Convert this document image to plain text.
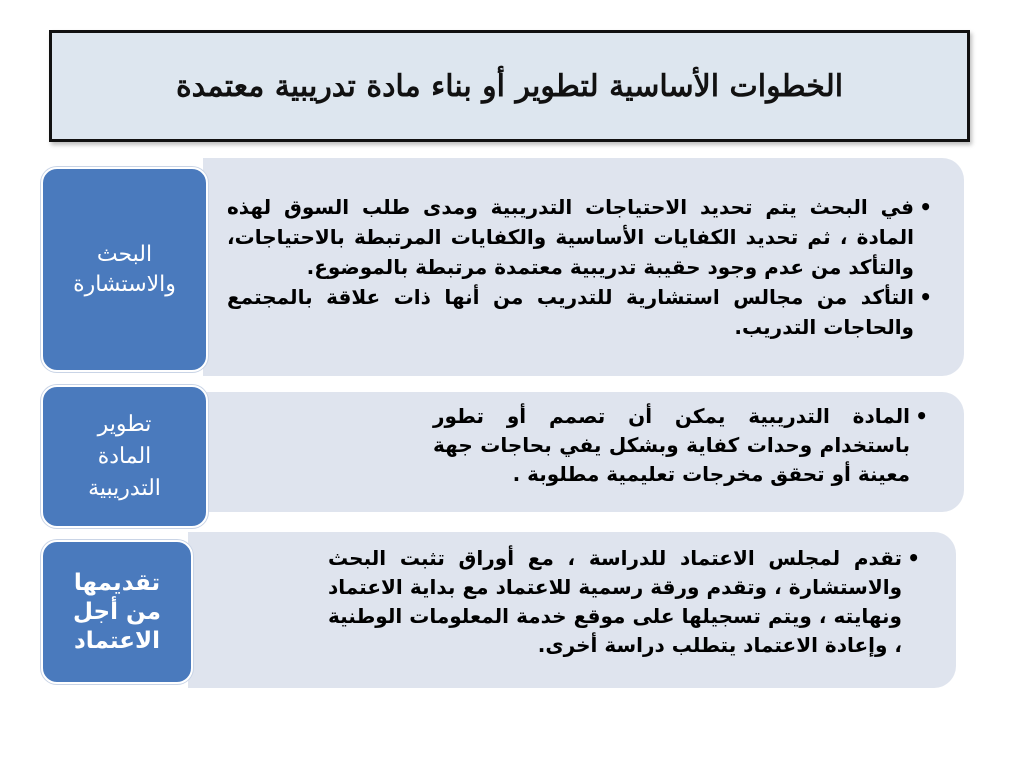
الخطوات الأساسية لتطوير أو بناء مادة تدريبية معتمدة
• في البحث يتم تحديد الاحتياجات التدريبية ومدى طلب السوق لهذه المادة ، ثم تحديد الكفايات الأساسية والكفايات المرتبطة بالاحتياجات، والتأكد من عدم وجود حقيبة تدريبية معتمدة مرتبطة بالموضوع.
• التأكد من مجالس استشارية للتدريب من أنها ذات علاقة بالمجتمع والحاجات التدريب.
البحث
والاستشارة
• المادة التدريبية يمكن أن تصمم أو تطور باستخدام وحدات كفاية وبشكل يفي بحاجات جهة معينة أو تحقق مخرجات تعليمية مطلوبة .
تطوير
المادة
التدريبية
• تقدم لمجلس الاعتماد للدراسة ، مع أوراق تثبت البحث والاستشارة ، وتقدم ورقة رسمية للاعتماد مع بداية الاعتماد ونهايته ، ويتم تسجيلها على موقع خدمة المعلومات الوطنية ، وإعادة الاعتماد يتطلب دراسة أخرى.
تقديمها
من أجل
الاعتماد
